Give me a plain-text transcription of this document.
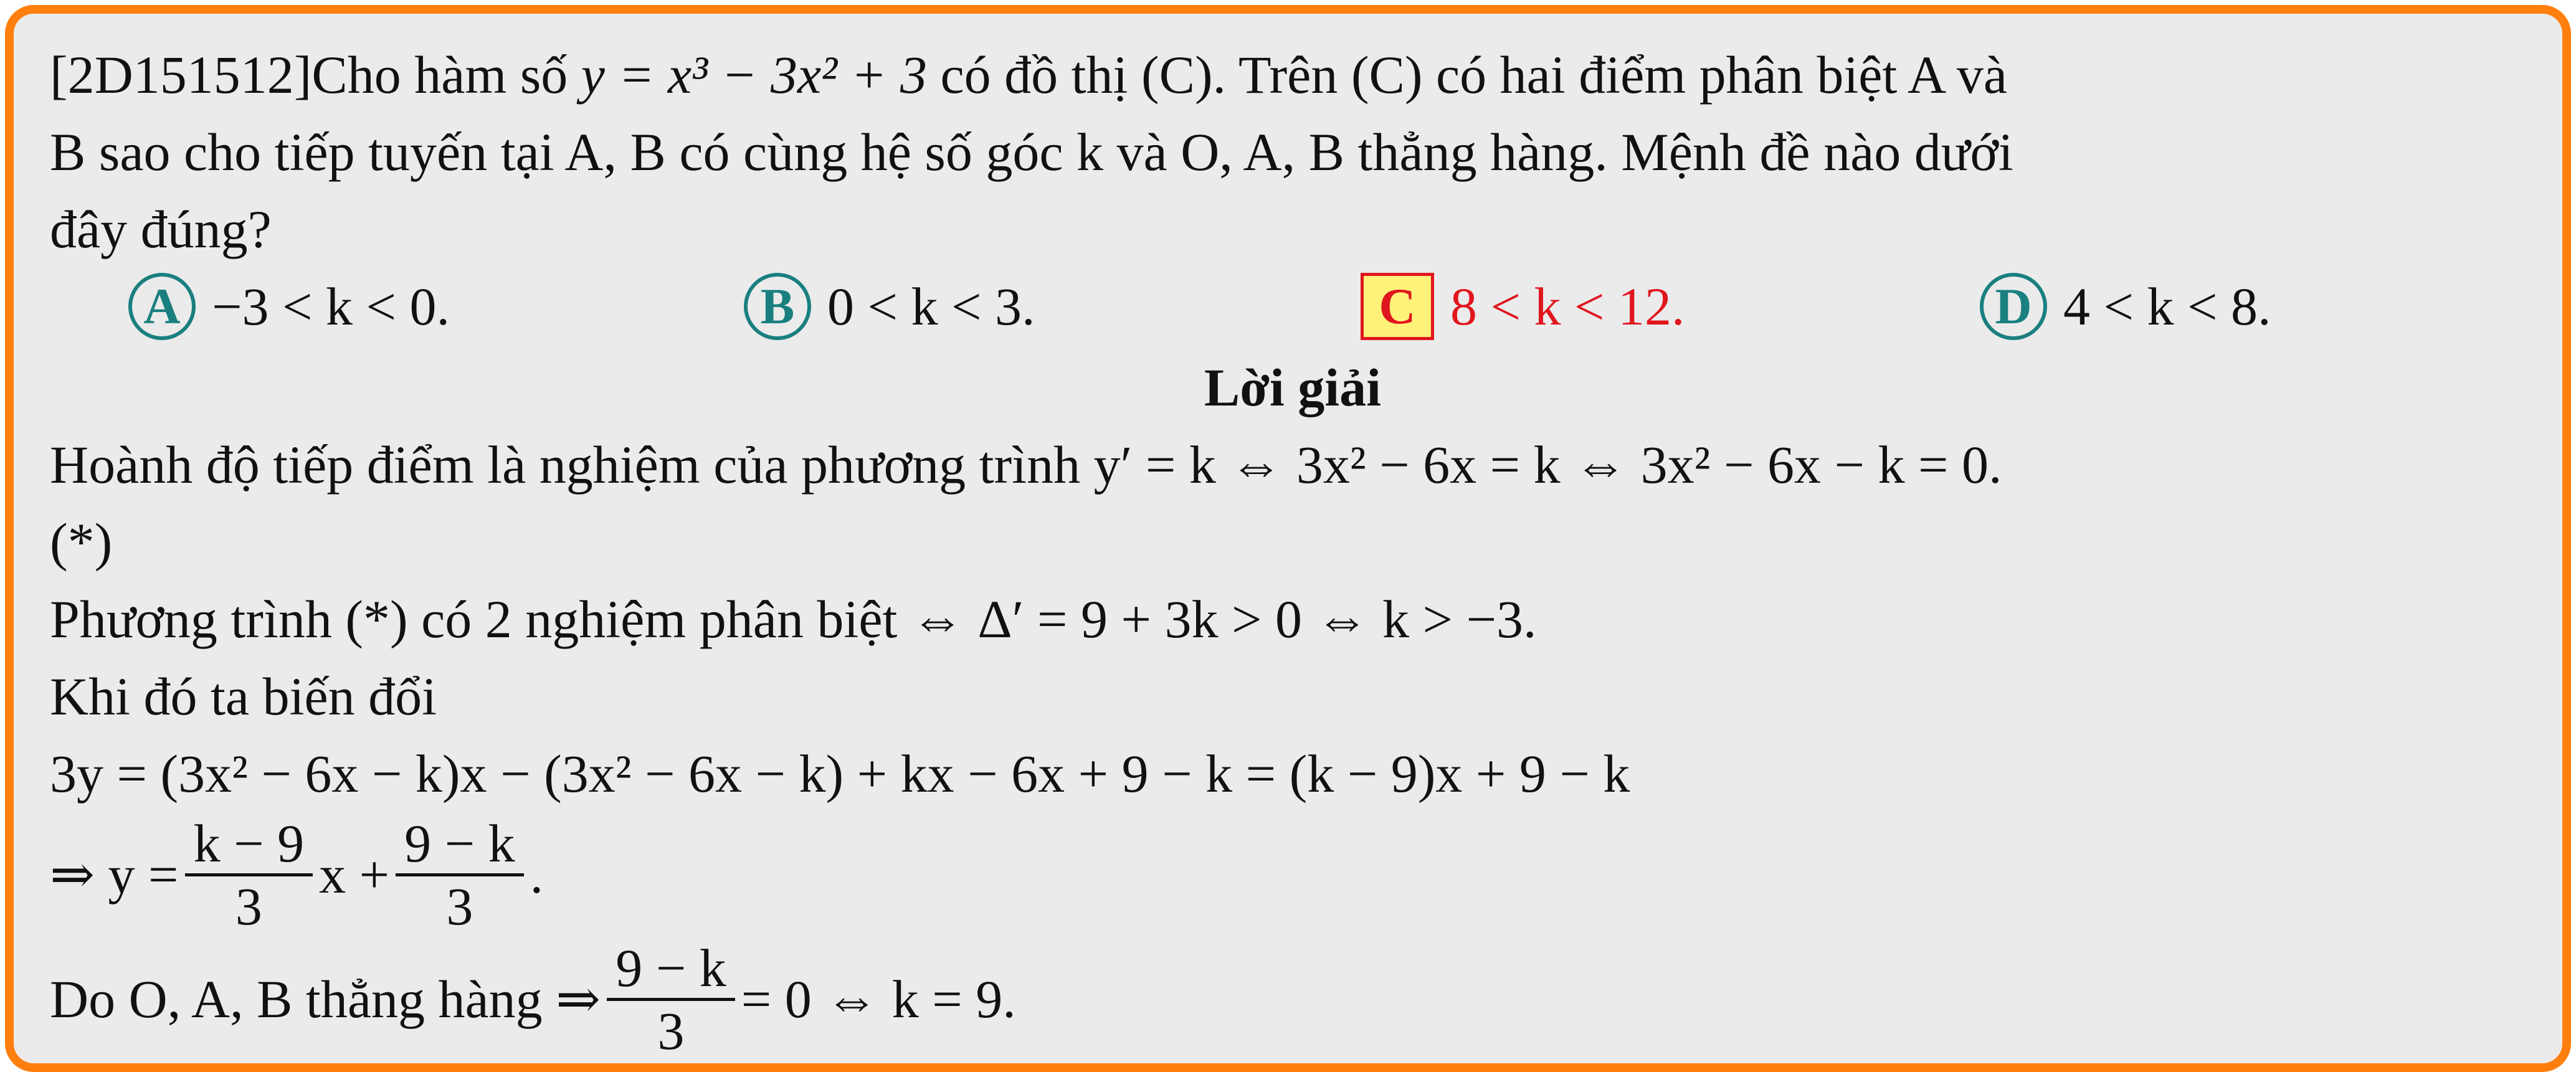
[2D151512]Cho hàm số y = x³ − 3x² + 3 có đồ thị (C). Trên (C) có hai điểm phân biệt A và
B sao cho tiếp tuyến tại A, B có cùng hệ số góc k và O, A, B thẳng hàng. Mệnh đề nào dưới
đây đúng?
A −3 < k < 0.	B 0 < k < 3.	C 8 < k < 12.	D 4 < k < 8.
Lời giải
Hoành độ tiếp điểm là nghiệm của phương trình y′ = k ⇔ 3x² − 6x = k ⇔ 3x² − 6x − k = 0.
(*)
Phương trình (*) có 2 nghiệm phân biệt ⇔ Δ′ = 9 + 3k > 0 ⇔ k > −3.
Khi đó ta biến đổi
3y = (3x² − 6x − k)x − (3x² − 6x − k) + kx − 6x + 9 − k = (k − 9)x + 9 − k
⇒ $y = \frac{k - 9}{3}$ $x + \frac{9 - k}{3}$ .
Do O, A, B thẳng hàng ⇒ $\frac{9 - k}{3} = 0$ ⇔ k = 9.
